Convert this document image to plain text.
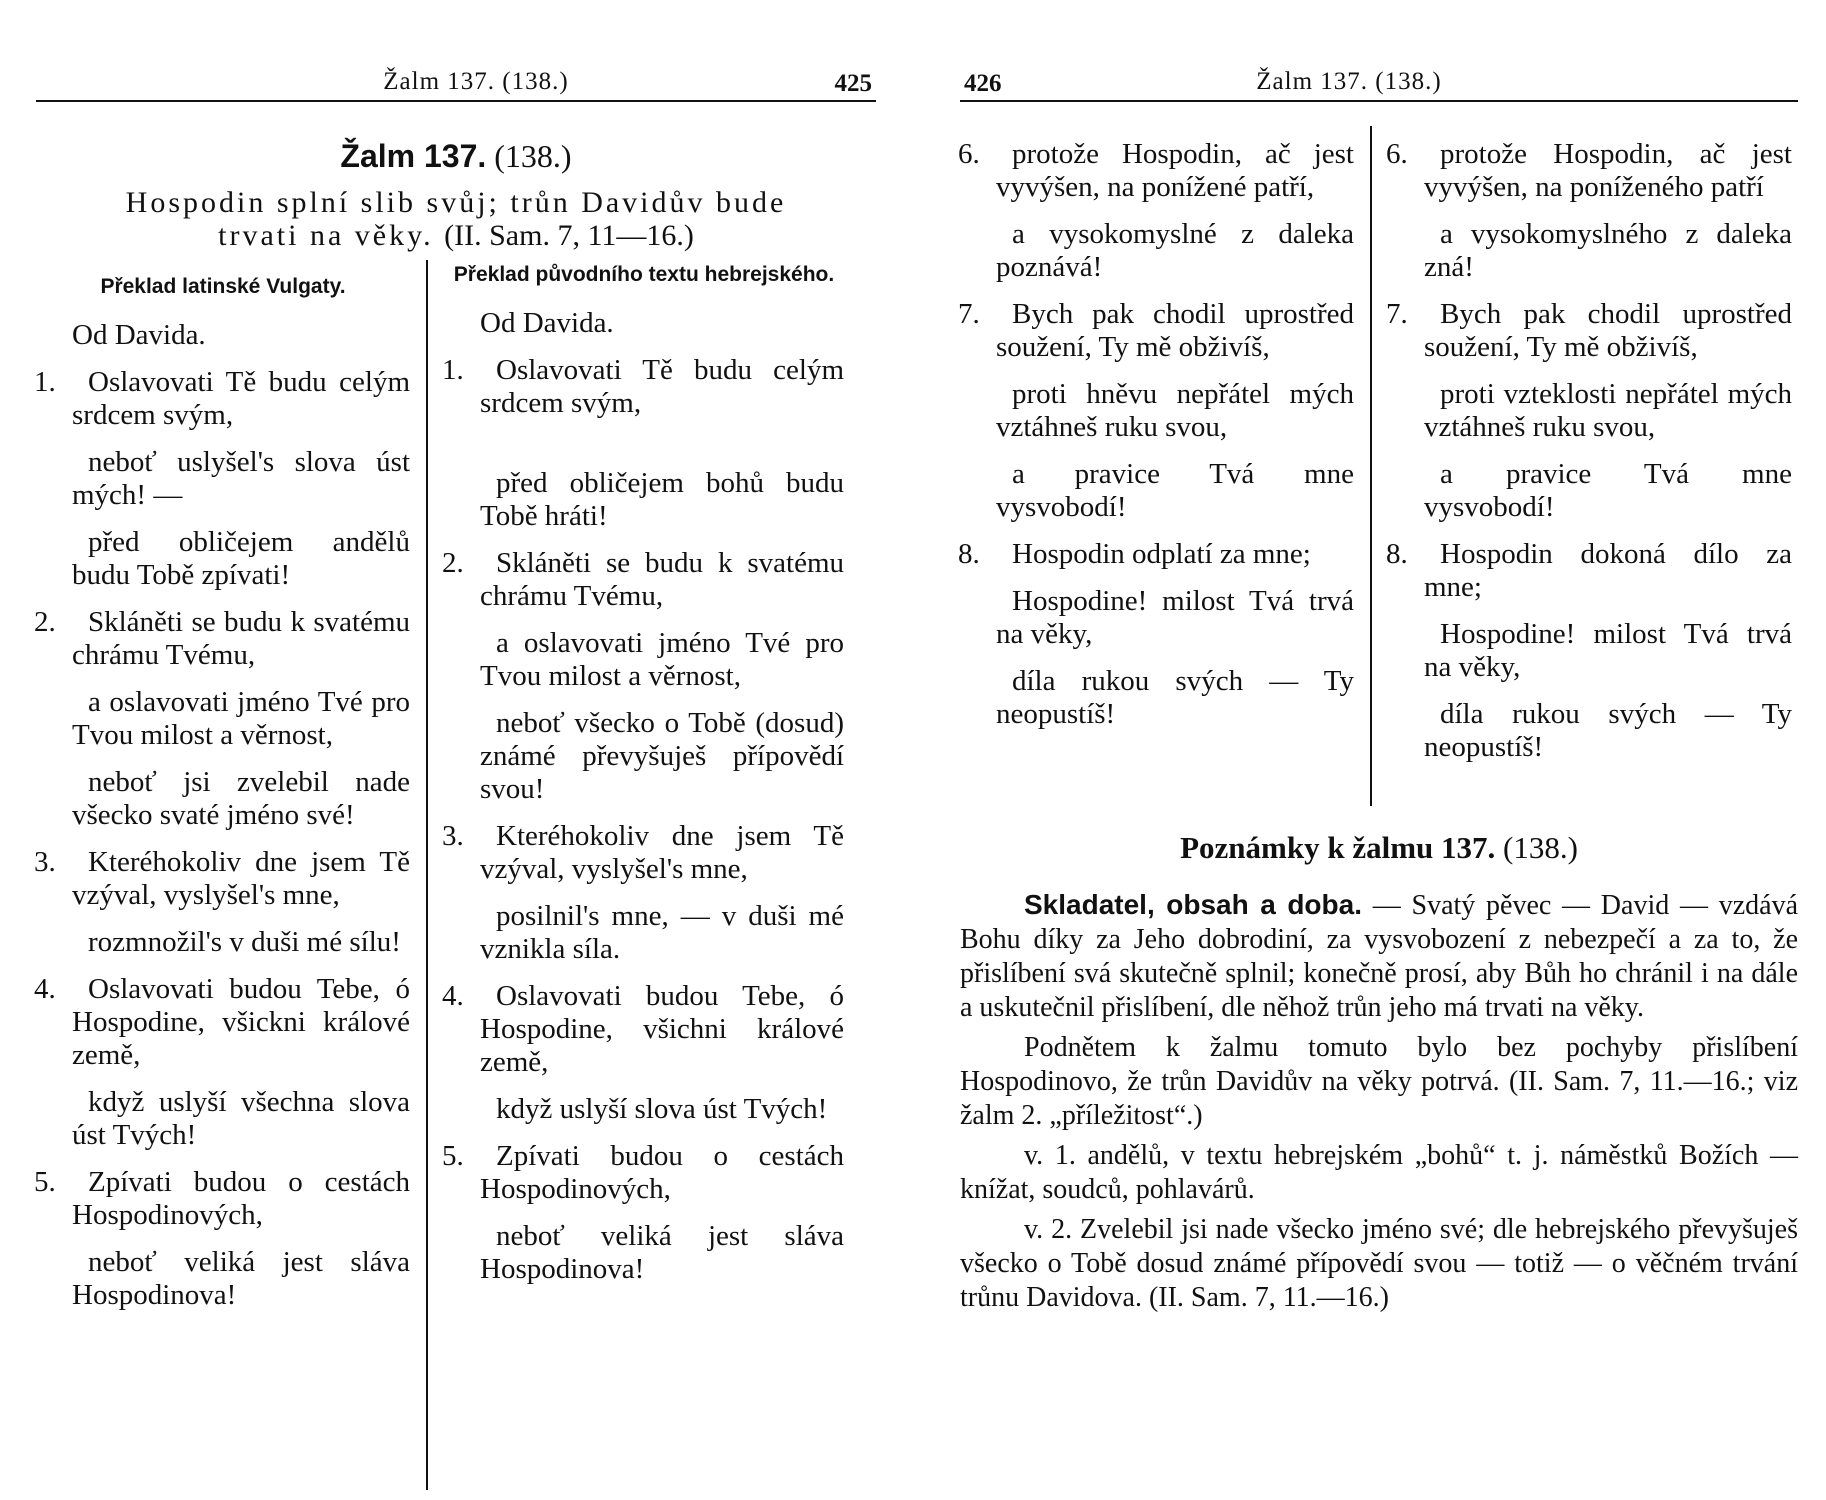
Žalm 137. (138.)	425
Žalm 137. (138.)
Hospodin splní slib svůj; trůn Davidův bude
trvati na věky. (II. Sam. 7, 11—16.)
Překlad latinské Vulgaty.
Od Davida.
1. Oslavovati Tě budu celým srdcem svým,
neboť uslyšel's slova úst mých! —
před obličejem andělů budu Tobě zpívati!
2. Skláněti se budu k svatému chrámu Tvému,
a oslavovati jméno Tvé pro Tvou milost a věrnost,
neboť jsi zvelebil nade všecko svaté jméno své!
3. Kteréhokoliv dne jsem Tě vzýval, vyslyšel's mne,
rozmnožil's v duši mé sílu!
4. Oslavovati budou Tebe, ó Hospodine, všickni králové země,
když uslyší všechna slova úst Tvých!
5. Zpívati budou o cestách Hospodinových,
neboť veliká jest sláva Hospodinova!
Překlad původního textu hebrejského.
Od Davida.
1. Oslavovati Tě budu celým srdcem svým,
před obličejem bohů budu Tobě hráti!
2. Skláněti se budu k svatému chrámu Tvému,
a oslavovati jméno Tvé pro Tvou milost a věrnost,
neboť všecko o Tobě (dosud) známé převyšuješ přípovědí svou!
3. Kteréhokoliv dne jsem Tě vzýval, vyslyšel's mne,
posilnil's mne, — v duši mé vznikla síla.
4. Oslavovati budou Tebe, ó Hospodine, všichni králové země,
když uslyší slova úst Tvých!
5. Zpívati budou o cestách Hospodinových,
neboť veliká jest sláva Hospodinova!
426	Žalm 137. (138.)
6. protože Hospodin, ač jest vyvýšen, na ponížené patří,
a vysokomyslné z daleka poznává!
7. Bych pak chodil uprostřed soužení, Ty mě obživíš,
proti hněvu nepřátel mých vztáhneš ruku svou,
a pravice Tvá mne vysvobodí!
8. Hospodin odplatí za mne;
Hospodine! milost Tvá trvá na věky,
díla rukou svých — Ty neopustíš!
6. protože Hospodin, ač jest vyvýšen, na poníženého patří
a vysokomyslného z daleka zná!
7. Bych pak chodil uprostřed soužení, Ty mě obživíš,
proti vzteklosti nepřátel mých vztáhneš ruku svou,
a pravice Tvá mne vysvobodí!
8. Hospodin dokoná dílo za mne;
Hospodine! milost Tvá trvá na věky,
díla rukou svých — Ty neopustíš!
Poznámky k žalmu 137. (138.)

Skladatel, obsah a doba. — Svatý pěvec — David — vzdává Bohu díky za Jeho dobrodiní, za vysvobození z nebezpečí a za to, že přislíbení svá skutečně splnil; konečně prosí, aby Bůh ho chránil i na dále a uskutečnil přislíbení, dle něhož trůn jeho má trvati na věky.

Podnětem k žalmu tomuto bylo bez pochyby přislíbení Hospodinovo, že trůn Davidův na věky potrvá. (II. Sam. 7, 11.—16.; viz žalm 2. „příležitost“.)

v. 1. andělů, v textu hebrejském „bohů“ t. j. náměstků Božích — knížat, soudců, pohlavárů.

v. 2. Zvelebil jsi nade všecko jméno své; dle hebrejského převyšuješ všecko o Tobě dosud známé přípovědí svou — totiž — o věčném trvání trůnu Davidova. (II. Sam. 7, 11.—16.)
